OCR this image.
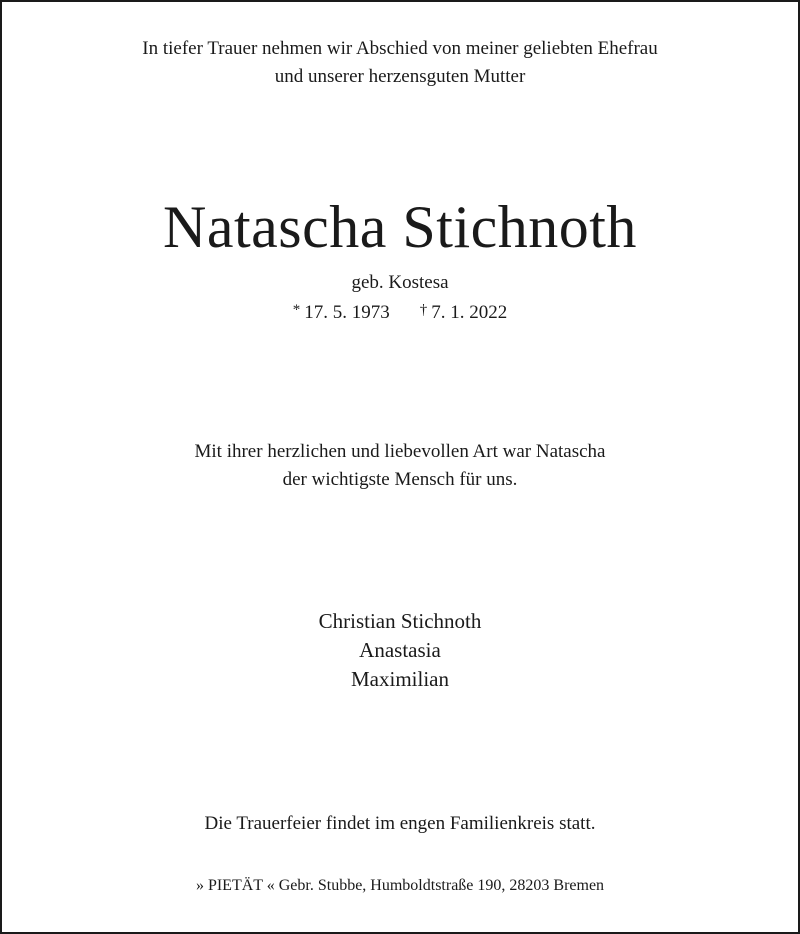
In tiefer Trauer nehmen wir Abschied von meiner geliebten Ehefrau
und unserer herzensguten Mutter
Natascha Stichnoth
geb. Kostesa
* 17. 5. 1973 † 7. 1. 2022
Mit ihrer herzlichen und liebevollen Art war Natascha
der wichtigste Mensch für uns.
Christian Stichnoth
Anastasia
Maximilian
Die Trauerfeier findet im engen Familienkreis statt.
» PIETÄT « Gebr. Stubbe, Humboldtstraße 190, 28203 Bremen
